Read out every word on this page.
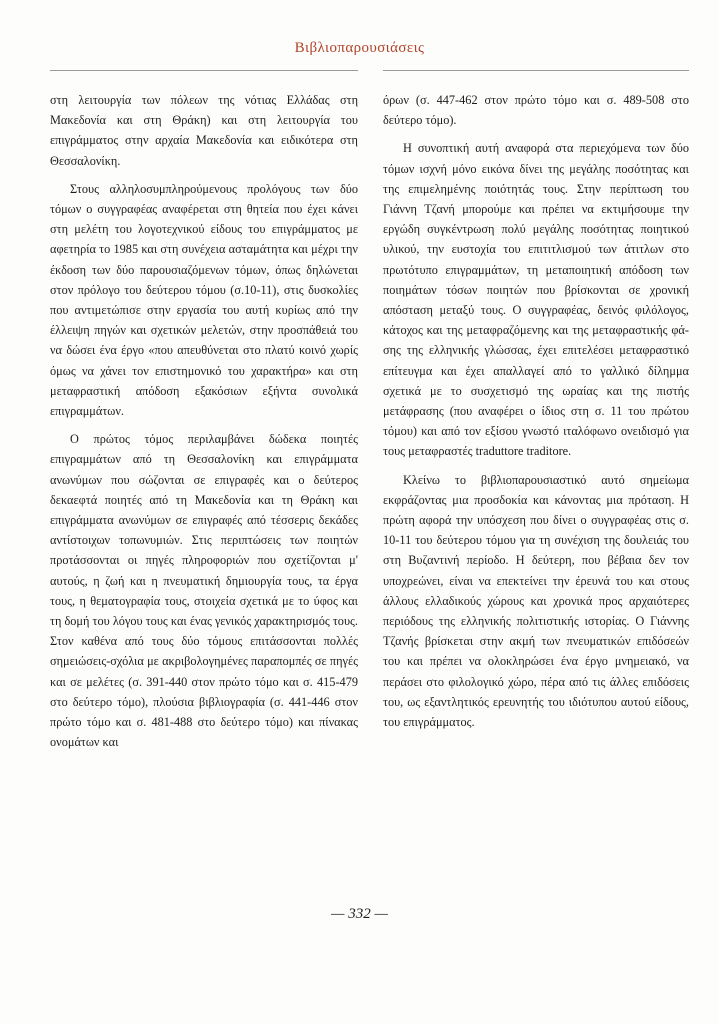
Βιβλιοπαρουσιάσεις

στη λειτουργία των πόλεων της νότιας Ελλάδας στη Μακεδονία και στη Θράκη) και στη λειτουργία του επιγράμματος στην αρχαία Μακεδονία και ειδικότερα στη Θεσσαλονίκη.

Στους αλληλοσυμπληρούμενους προλόγους των δύο τόμων ο συγγραφέας αναφέρεται στη θητεία που έχει κάνει στη μελέτη του λογοτεχνικού είδους του επιγράμματος με αφετηρία το 1985 και στη συνέχεια ασταμάτητα και μέχρι την έκδοση των δύο παρουσιαζόμενων τόμων, όπως δηλώνεται στον πρόλογο του δεύτερου τόμου (σ.10-11), στις δυσκολίες που αντιμετώπισε στην εργασία του αυτή κυρίως από την έλλειψη πηγών και σχετικών μελετών, στην προσπάθειά του να δώσει ένα έργο «που απευθύνεται στο πλατύ κοινό χωρίς όμως να χάνει τον επιστημονικό του χαρακτήρα» και στη μεταφραστική απόδοση εξακόσιων εξήντα συνολικά επιγραμμάτων.

Ο πρώτος τόμος περιλαμβάνει δώδεκα ποιητές επιγραμμάτων από τη Θεσσαλονίκη και επιγράμματα ανωνύμων που σώζονται σε επιγραφές και ο δεύτερος δεκαεφτά ποιητές από τη Μακεδονία και τη Θράκη και επιγράμματα ανωνύμων σε επιγραφές από τέσσερις δεκάδες αντίστοιχων τοπωνυμιών. Στις περιπτώσεις των ποιητών προτάσσονται οι πηγές πληροφοριών που σχετίζονται μ' αυτούς, η ζωή και η πνευματική δημιουργία τους, τα έργα τους, η θεματογραφία τους, στοιχεία σχετικά με το ύφος και τη δομή του λόγου τους και ένας γενικός χαρακτηρισμός τους. Στον καθένα από τους δύο τόμους επιτάσσονται πολλές σημειώσεις-σχόλια με ακριβολογημένες παραπομπές σε πηγές και σε μελέτες (σ. 391-440 στον πρώτο τόμο και σ. 415-479 στο δεύτερο τόμο), πλούσια βιβλιογραφία (σ. 441-446 στον πρώτο τόμο και σ. 481-488 στο δεύτερο τόμο) και πίνακας ονομάτων και

όρων (σ. 447-462 στον πρώτο τόμο και σ. 489-508 στο δεύτερο τόμο).

Η συνοπτική αυτή αναφορά στα περιεχόμενα των δύο τόμων ισχνή μόνο εικόνα δίνει της μεγάλης ποσότητας και της επιμελημένης ποιότητάς τους. Στην περίπτωση του Γιάννη Τζανή μπορούμε και πρέπει να εκτιμήσουμε την εργώδη συγκέντρωση πολύ μεγάλης ποσότητας ποιητικού υλικού, την ευστοχία του επιτιτλισμού των άτιτλων στο πρωτότυπο επιγραμμάτων, τη μεταποιητική απόδοση των ποιημάτων τόσων ποιητών που βρίσκονται σε χρονική απόσταση μεταξύ τους. Ο συγγραφέας, δεινός φιλόλογος, κάτοχος και της μεταφραζόμενης και της μεταφραστικής φάσης της ελληνικής γλώσσας, έχει επιτελέσει μεταφραστικό επίτευγμα και έχει απαλλαγεί από το γαλλικό δίλημμα σχετικά με το συσχετισμό της ωραίας και της πιστής μετάφρασης (που αναφέρει ο ίδιος στη σ. 11 του πρώτου τόμου) και από τον εξίσου γνωστό ιταλόφωνο ονειδισμό για τους μεταφραστές traduttore traditore.

Κλείνω το βιβλιοπαρουσιαστικό αυτό σημείωμα εκφράζοντας μια προσδοκία και κάνοντας μια πρόταση. Η πρώτη αφορά την υπόσχεση που δίνει ο συγγραφέας στις σ. 10-11 του δεύτερου τόμου για τη συνέχιση της δουλειάς του στη Βυζαντινή περίοδο. Η δεύτερη, που βέβαια δεν τον υποχρεώνει, είναι να επεκτείνει την έρευνά του και στους άλλους ελλαδικούς χώρους και χρονικά προς αρχαιότερες περιόδους της ελληνικής πολιτιστικής ιστορίας. Ο Γιάννης Τζανής βρίσκεται στην ακμή των πνευματικών επιδόσεών του και πρέπει να ολοκληρώσει ένα έργο μνημειακό, να περάσει στο φιλολογικό χώρο, πέρα από τις άλλες επιδόσεις του, ως εξαντλητικός ερευνητής του ιδιότυπου αυτού είδους, του επιγράμματος.

— 332 —
